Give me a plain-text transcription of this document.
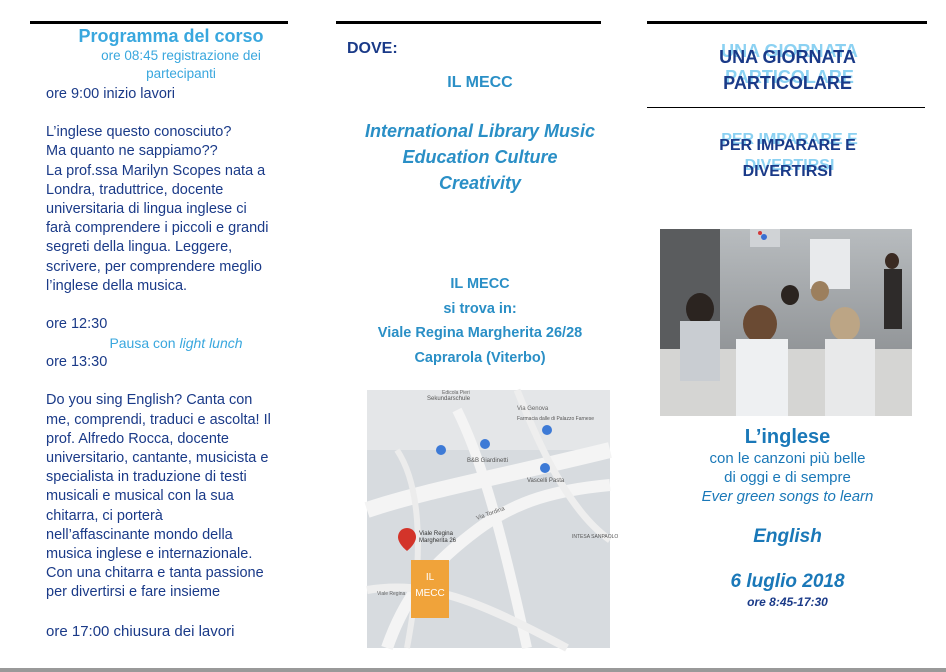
Programma del corso

ore 08:45 registrazione dei

partecipanti

ore 9:00 inizio lavori

L’inglese questo conosciuto?

Ma quanto ne sappiamo??

La prof.ssa Marilyn Scopes nata a

Londra, traduttrice, docente

universitaria di lingua inglese ci

farà comprendere i piccoli e grandi

segreti della lingua. Leggere,

scrivere, per comprendere meglio

l’inglese della musica.

ore 12:30

Pausa con light lunch

ore 13:30

Do you sing English? Canta con

me, comprendi, traduci e ascolta! Il

prof. Alfredo Rocca, docente

universitario, cantante, musicista e

specialista in traduzione di testi

musicali e musical con la sua

chitarra, ci porterà

nell’affascinante mondo della

musica inglese e internazionale.

Con una chitarra e tanta passione

per divertirsi e fare insieme

ore 17:00 chiusura dei lavori

DOVE:
IL MECC
International Library Music
Education Culture
Creativity
IL MECC
si trova in:
Viale Regina Margherita 26/28
Caprarola (Viterbo)
Sekundarschule
B&B Giardinetti
Vascelli Pasta
Via Tordina
Via Genova
INTESA SANPAOLO
Viale Regina
Edicola Pieri
Farmacia dalle di Palazzo Farnese
Viale Regina
Margherita 26
IL
MECC
UNA GIORNATA
PARTICOLARE
PER IMPARARE E
DIVERTIRSI
L’inglese
con le canzoni più belle
di oggi e di sempre
Ever green songs to learn
English
6 luglio 2018
ore 8:45-17:30
